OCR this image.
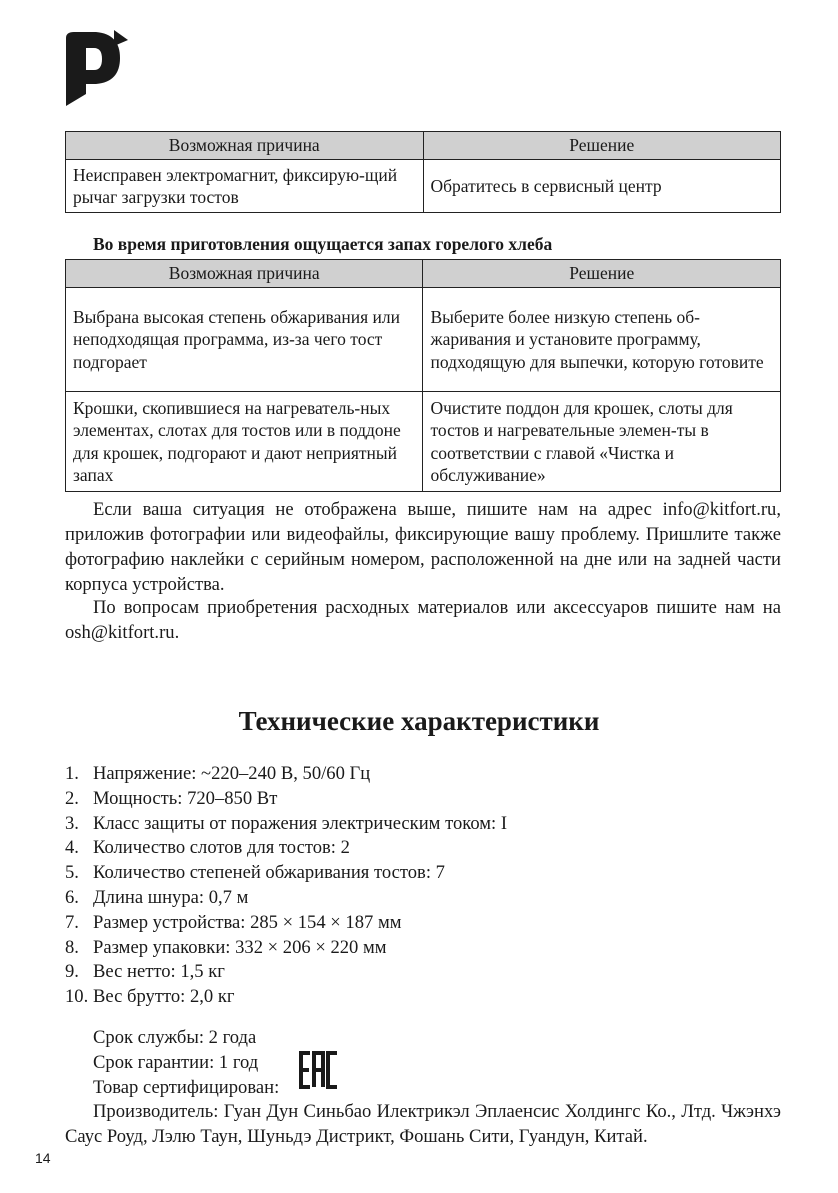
Возможная причина	Решение
Неисправен электромагнит, фиксирую-щий рычаг загрузки тостов	Обратитесь в сервисный центр
Во время приготовления ощущается запах горелого хлеба
Возможная причина	Решение
Выбрана высокая степень обжаривания или неподходящая программа, из-за чего тост подгорает	Выберите более низкую степень об-жаривания и установите программу, подходящую для выпечки, которую готовите
Крошки, скопившиеся на нагреватель-ных элементах, слотах для тостов или в поддоне для крошек, подгорают и дают неприятный запах	Очистите поддон для крошек, слоты для тостов и нагревательные элемен-ты в соответствии с главой «Чистка и обслуживание»

Если ваша ситуация не отображена выше, пишите нам на адрес info@kitfort.ru, приложив фотографии или видеофайлы, фиксирующие вашу проблему. Пришлите также фотографию наклейки с серийным номером, расположенной на дне или на задней части корпуса устройства.

По вопросам приобретения расходных материалов или аксессуаров пишите нам на osh@kitfort.ru.

Технические характеристики
1. Напряжение: ~220–240 В, 50/60 Гц
2. Мощность: 720–850 Вт
3. Класс защиты от поражения электрическим током: I
4. Количество слотов для тостов: 2
5. Количество степеней обжаривания тостов: 7
6. Длина шнура: 0,7 м
7. Размер устройства: 285 × 154 × 187 мм
8. Размер упаковки: 332 × 206 × 220 мм
9. Вес нетто: 1,5 кг
10. Вес брутто: 2,0 кг
Срок службы: 2 года
Срок гарантии: 1 год
Товар сертифицирован:

Производитель: Гуан Дун Синьбао Илектрикэл Эплаенсис Холдингс Ко., Лтд. Чжэнхэ Саус Роуд, Лэлю Таун, Шуньдэ Дистрикт, Фошань Сити, Гуандун, Китай.

14
